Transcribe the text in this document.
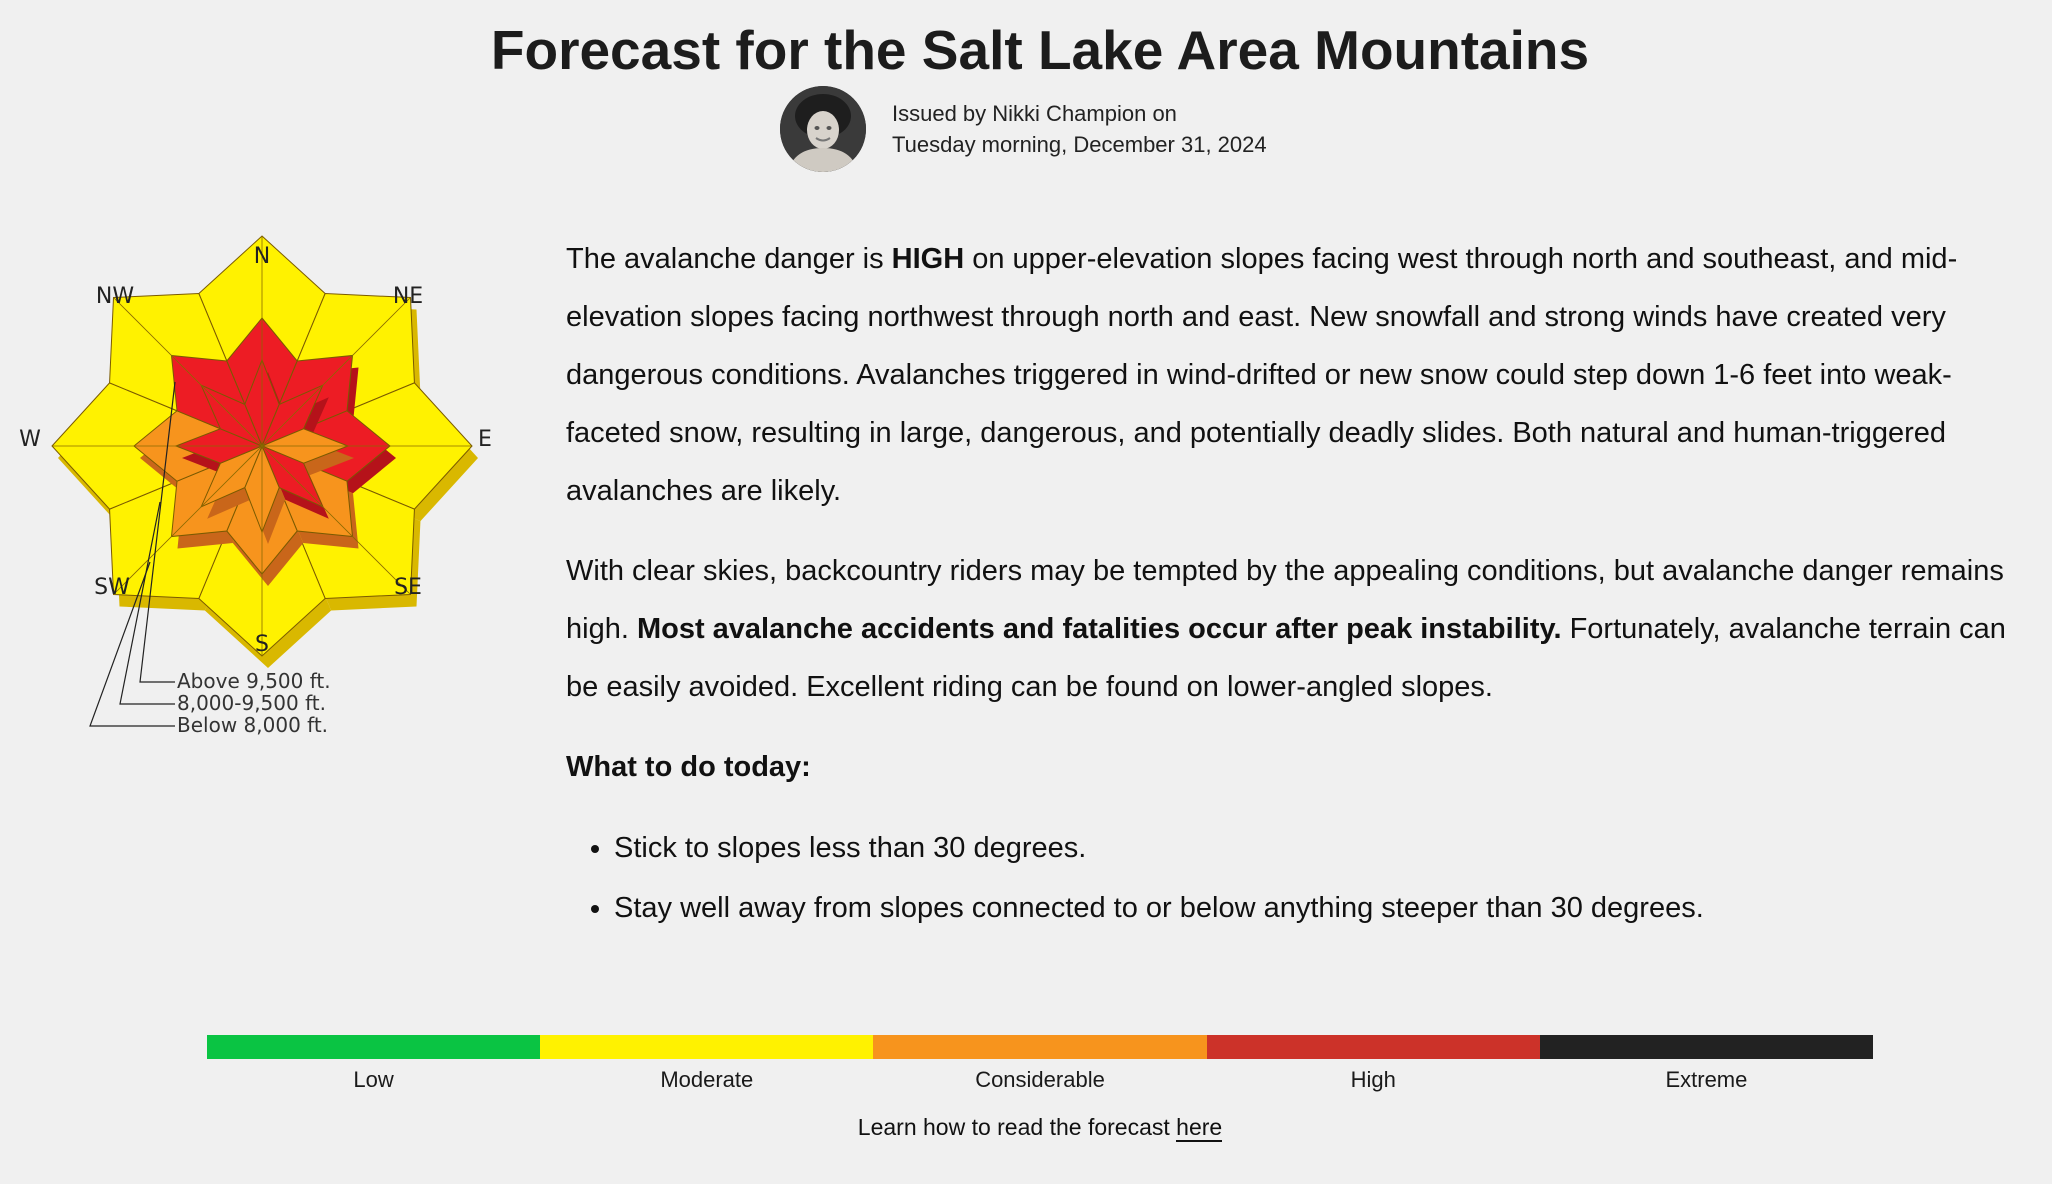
Forecast for the Salt Lake Area Mountains
Issued by Nikki Champion on
Tuesday morning, December 31, 2024
N
NE
E
SE
S
SW
W
NW
Above 9,500 ft.
8,000-9,500 ft.
Below 8,000 ft.

The avalanche danger is HIGH on upper-elevation slopes facing west through north and southeast, and mid-elevation slopes facing northwest through north and east. New snowfall and strong winds have created very dangerous conditions. Avalanches triggered in wind-drifted or new snow could step down 1-6 feet into weak-faceted snow, resulting in large, dangerous, and potentially deadly slides. Both natural and human-triggered avalanches are likely.

With clear skies, backcountry riders may be tempted by the appealing conditions, but avalanche danger remains high. Most avalanche accidents and fatalities occur after peak instability. Fortunately, avalanche terrain can be easily avoided. Excellent riding can be found on lower-angled slopes.

What to do today:
• Stick to slopes less than 30 degrees.
• Stay well away from slopes connected to or below anything steeper than 30 degrees.
Low	Moderate	Considerable	High	Extreme
Learn how to read the forecast here
